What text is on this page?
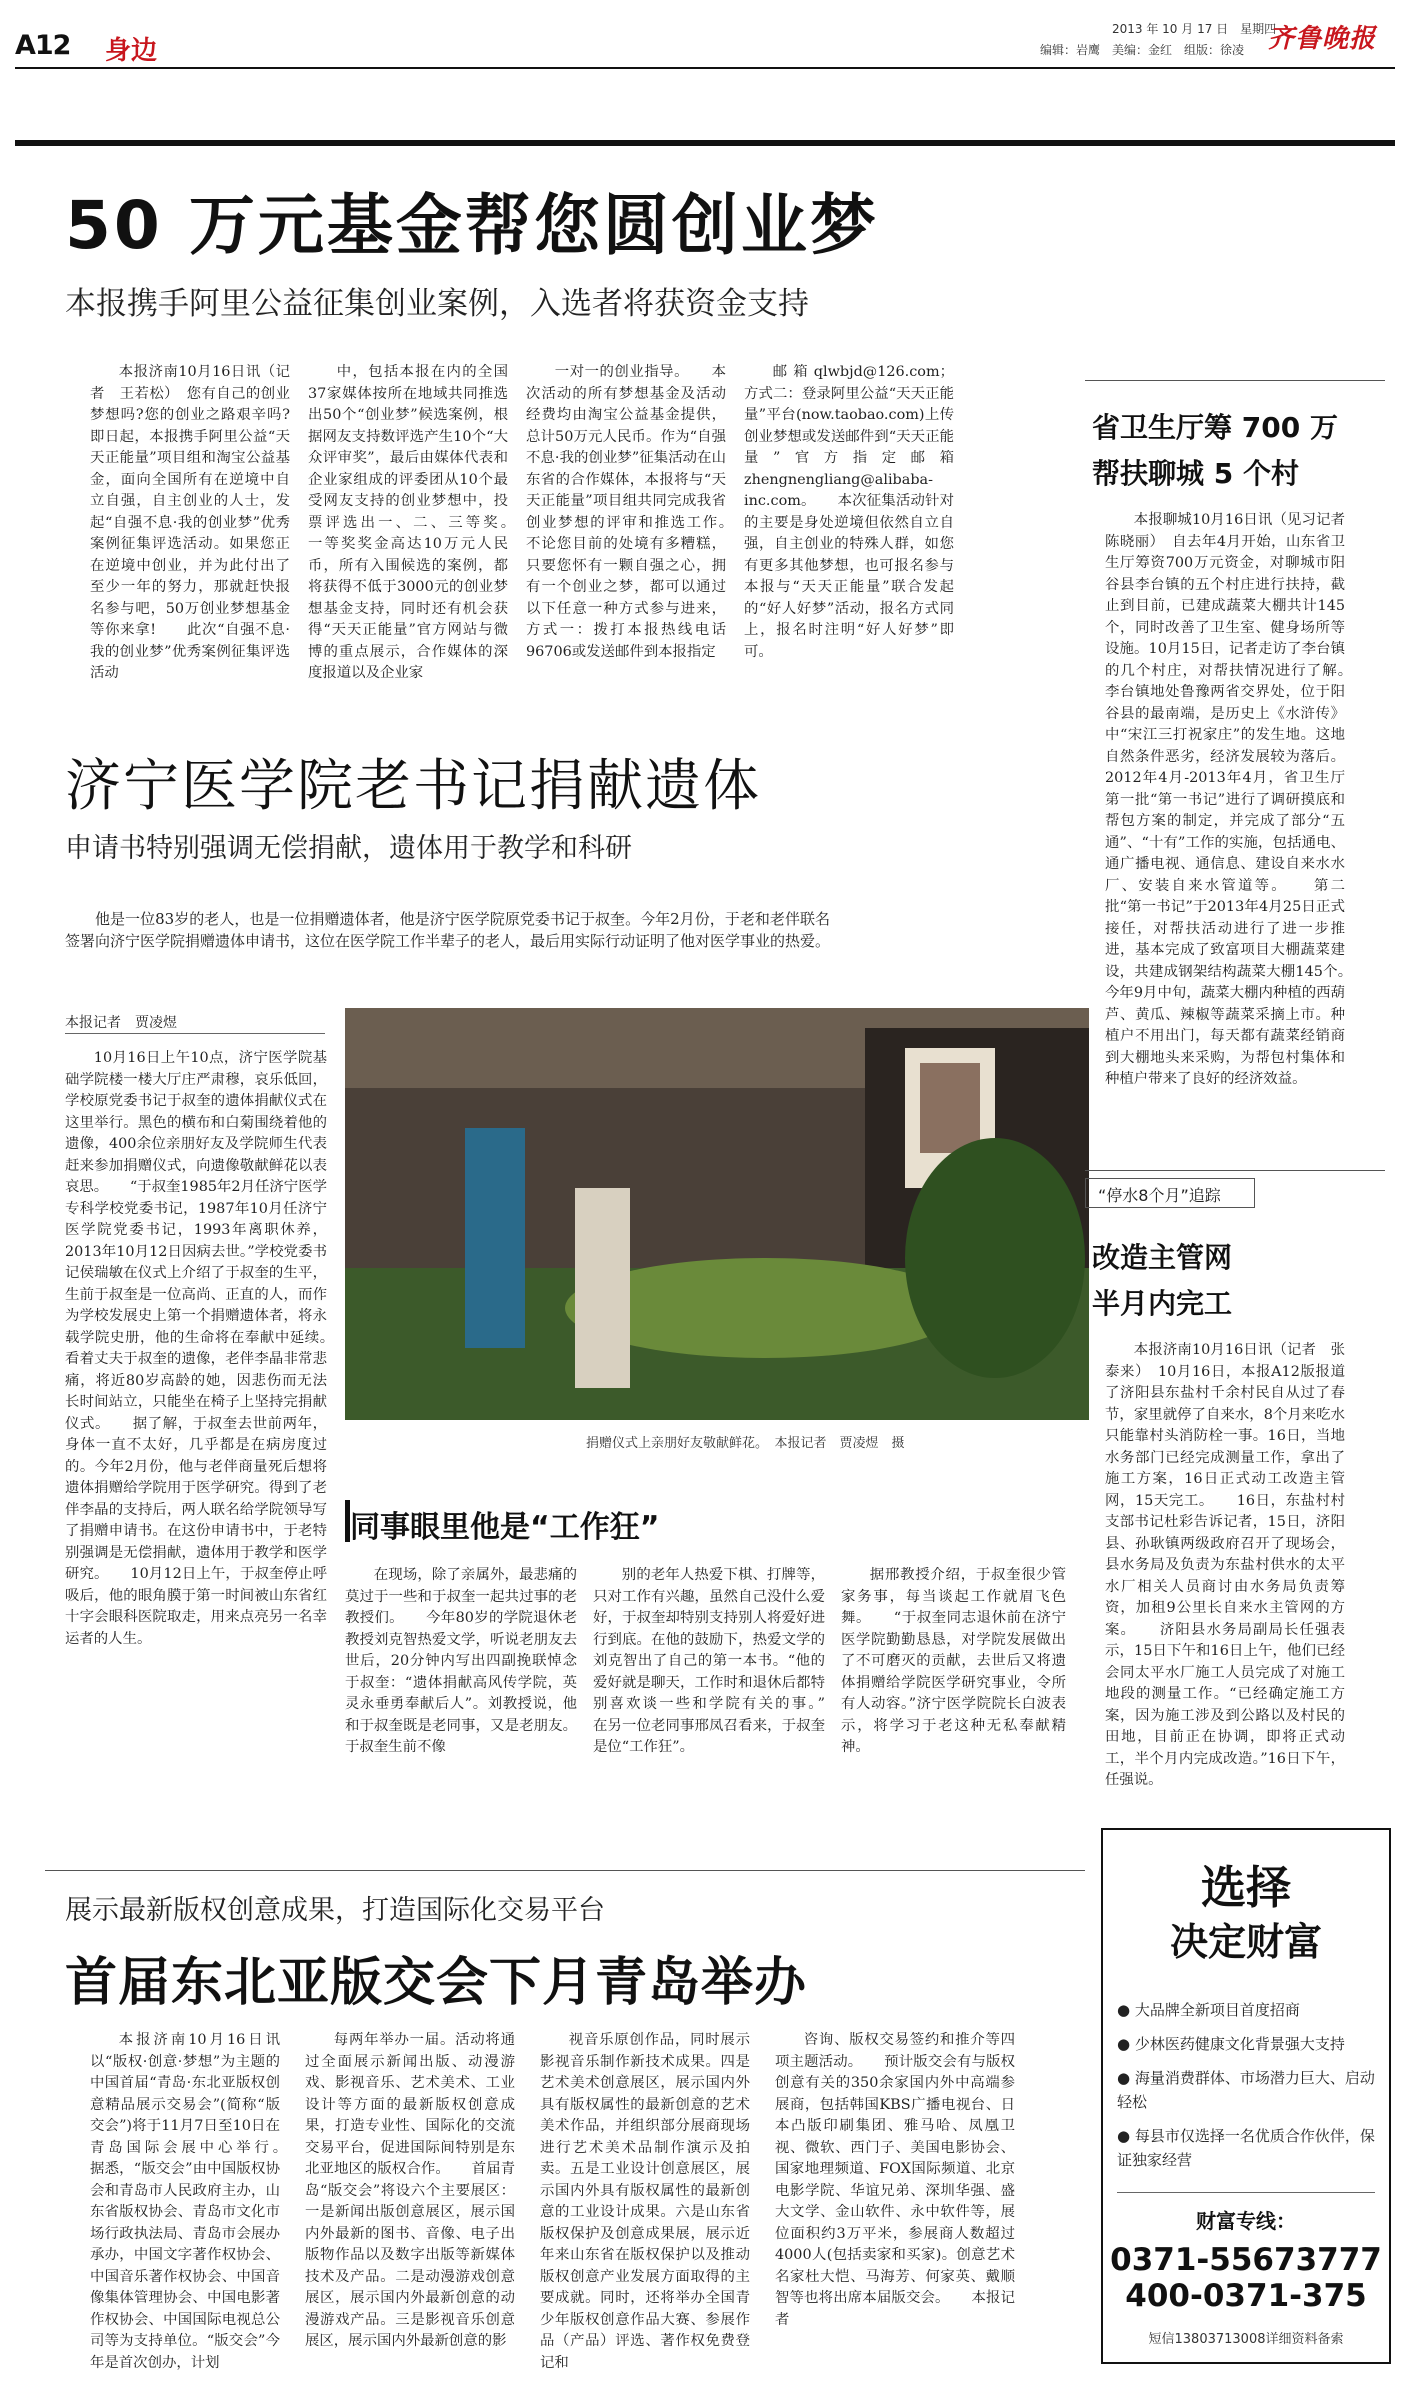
A12 身边
2013 年 10 月 17 日　星期四
编辑：岩鹰　美编：金红　组版：徐凌 齐鲁晚报
50 万元基金帮您圆创业梦
本报携手阿里公益征集创业案例，入选者将获资金支持

本报济南10月16日讯（记者　王若松）　您有自己的创业梦想吗?您的创业之路艰辛吗?即日起，本报携手阿里公益“天天正能量”项目组和淘宝公益基金，面向全国所有在逆境中自立自强，自主创业的人士，发起“自强不息·我的创业梦”优秀案例征集评选活动。如果您正在逆境中创业，并为此付出了至少一年的努力，那就赶快报名参与吧，50万创业梦想基金等你来拿!　　此次“自强不息·我的创业梦”优秀案例征集评选活动

中，包括本报在内的全国37家媒体按所在地域共同推选出50个“创业梦”候选案例，根据网友支持数评选产生10个“大众评审奖”，最后由媒体代表和企业家组成的评委团从10个最受网友支持的创业梦想中，投票评选出一、二、三等奖。　　一等奖奖金高达10万元人民币，所有入围候选的案例，都将获得不低于3000元的创业梦想基金支持，同时还有机会获得“天天正能量”官方网站与微博的重点展示，合作媒体的深度报道以及企业家

一对一的创业指导。　　本次活动的所有梦想基金及活动经费均由淘宝公益基金提供，总计50万元人民币。作为“自强不息·我的创业梦”征集活动在山东省的合作媒体，本报将与“天天正能量”项目组共同完成我省创业梦想的评审和推选工作。　　不论您目前的处境有多糟糕，只要您怀有一颗自强之心，拥有一个创业之梦，都可以通过以下任意一种方式参与进来，方式一：拨打本报热线电话96706或发送邮件到本报指定

邮箱qlwbjd@126.com；方式二：登录阿里公益“天天正能量”平台(now.taobao.com)上传创业梦想或发送邮件到“天天正能量”官方指定邮箱zhengnengliang@alibaba-inc.com。　　本次征集活动针对的主要是身处逆境但依然自立自强，自主创业的特殊人群，如您有更多其他梦想，也可报名参与本报与“天天正能量”联合发起的“好人好梦”活动，报名方式同上，报名时注明“好人好梦”即可。

省卫生厅筹 700 万
帮扶聊城 5 个村

本报聊城10月16日讯（见习记者　陈晓丽）　自去年4月开始，山东省卫生厅筹资700万元资金，对聊城市阳谷县李台镇的五个村庄进行扶持，截止到目前，已建成蔬菜大棚共计145个，同时改善了卫生室、健身场所等设施。10月15日，记者走访了李台镇的几个村庄，对帮扶情况进行了解。　　李台镇地处鲁豫两省交界处，位于阳谷县的最南端，是历史上《水浒传》中“宋江三打祝家庄”的发生地。这地自然条件恶劣，经济发展较为落后。2012年4月-2013年4月，省卫生厅第一批“第一书记”进行了调研摸底和帮包方案的制定，并完成了部分“五通”、“十有”工作的实施，包括通电、通广播电视、通信息、建设自来水水厂、安装自来水管道等。　　第二批“第一书记”于2013年4月25日正式接任，对帮扶活动进行了进一步推进，基本完成了致富项目大棚蔬菜建设，共建成钢架结构蔬菜大棚145个。　　今年9月中旬，蔬菜大棚内种植的西葫芦、黄瓜、辣椒等蔬菜采摘上市。种植户不用出门，每天都有蔬菜经销商到大棚地头来采购，为帮包村集体和种植户带来了良好的经济效益。

济宁医学院老书记捐献遗体
申请书特别强调无偿捐献，遗体用于教学和科研

他是一位83岁的老人，也是一位捐赠遗体者，他是济宁医学院原党委书记于叔奎。今年2月份，于老和老伴联名签署向济宁医学院捐赠遗体申请书，这位在医学院工作半辈子的老人，最后用实际行动证明了他对医学事业的热爱。

本报记者　贾凌煜

10月16日上午10点，济宁医学院基础学院楼一楼大厅庄严肃穆，哀乐低回，学校原党委书记于叔奎的遗体捐献仪式在这里举行。黑色的横布和白菊围绕着他的遗像，400余位亲朋好友及学院师生代表赶来参加捐赠仪式，向遗像敬献鲜花以表哀思。　　“于叔奎1985年2月任济宁医学专科学校党委书记，1987年10月任济宁医学院党委书记，1993年离职休养，2013年10月12日因病去世。”学校党委书记侯瑞敏在仪式上介绍了于叔奎的生平，生前于叔奎是一位高尚、正直的人，而作为学校发展史上第一个捐赠遗体者，将永载学院史册，他的生命将在奉献中延续。　　看着丈夫于叔奎的遗像，老伴李晶非常悲痛，将近80岁高龄的她，因悲伤而无法长时间站立，只能坐在椅子上坚持完捐献仪式。　　据了解，于叔奎去世前两年，身体一直不太好，几乎都是在病房度过的。今年2月份，他与老伴商量死后想将遗体捐赠给学院用于医学研究。得到了老伴李晶的支持后，两人联名给学院领导写了捐赠申请书。在这份申请书中，于老特别强调是无偿捐献，遗体用于教学和医学研究。　　10月12日上午，于叔奎停止呼吸后，他的眼角膜于第一时间被山东省红十字会眼科医院取走，用来点亮另一名幸运者的人生。

捐赠仪式上亲朋好友敬献鲜花。　本报记者　贾凌煜　摄
同事眼里他是“工作狂”

在现场，除了亲属外，最悲痛的莫过于一些和于叔奎一起共过事的老教授们。　　今年80岁的学院退休老教授刘克智热爱文学，听说老朋友去世后，20分钟内写出四副挽联悼念于叔奎：“遗体捐献高风传学院，英灵永垂勇奉献后人”。刘教授说，他和于叔奎既是老同事，又是老朋友。于叔奎生前不像

别的老年人热爱下棋、打牌等，只对工作有兴趣，虽然自己没什么爱好，于叔奎却特别支持别人将爱好进行到底。在他的鼓励下，热爱文学的刘克智出了自己的第一本书。“他的爱好就是聊天，工作时和退休后都特别喜欢谈一些和学院有关的事。”　　在另一位老同事邢凤召看来，于叔奎是位“工作狂”。

据邢教授介绍，于叔奎很少管家务事，每当谈起工作就眉飞色舞。　　“于叔奎同志退休前在济宁医学院勤勤恳恳，对学院发展做出了不可磨灭的贡献，去世后又将遗体捐赠给学院医学研究事业，令所有人动容。”济宁医学院院长白波表示，将学习于老这种无私奉献精神。

“停水8个月”追踪
改造主管网
半月内完工

本报济南10月16日讯（记者　张泰来）　10月16日，本报A12版报道了济阳县东盐村千余村民自从过了春节，家里就停了自来水，8个月来吃水只能靠村头消防栓一事。16日，当地水务部门已经完成测量工作，拿出了施工方案，16日正式动工改造主管网，15天完工。　　16日，东盐村村支部书记杜彩告诉记者，15日，济阳县、孙耿镇两级政府召开了现场会，县水务局及负责为东盐村供水的太平水厂相关人员商讨由水务局负责筹资，加租9公里长自来水主管网的方案。　　济阳县水务局副局长任强表示，15日下午和16日上午，他们已经会同太平水厂施工人员完成了对施工地段的测量工作。“已经确定施工方案，因为施工涉及到公路以及村民的田地，目前正在协调，即将正式动工，半个月内完成改造。”16日下午，任强说。

展示最新版权创意成果，打造国际化交易平台
首届东北亚版交会下月青岛举办

本报济南10月16日讯　以“版权·创意·梦想”为主题的中国首届“青岛·东北亚版权创意精品展示交易会”(简称“版交会”)将于11月7日至10日在青岛国际会展中心举行。　　据悉，“版交会”由中国版权协会和青岛市人民政府主办，山东省版权协会、青岛市文化市场行政执法局、青岛市会展办承办，中国文字著作权协会、中国音乐著作权协会、中国音像集体管理协会、中国电影著作权协会、中国国际电视总公司等为支持单位。“版交会”今年是首次创办，计划

每两年举办一届。活动将通过全面展示新闻出版、动漫游戏、影视音乐、艺术美术、工业设计等方面的最新版权创意成果，打造专业性、国际化的交流交易平台，促进国际间特别是东北亚地区的版权合作。　　首届青岛“版交会”将设六个主要展区：一是新闻出版创意展区，展示国内外最新的图书、音像、电子出版物作品以及数字出版等新媒体技术及产品。二是动漫游戏创意展区，展示国内外最新创意的动漫游戏产品。三是影视音乐创意展区，展示国内外最新创意的影

视音乐原创作品，同时展示影视音乐制作新技术成果。四是艺术美术创意展区，展示国内外具有版权属性的最新创意的艺术美术作品，并组织部分展商现场进行艺术美术品制作演示及拍卖。五是工业设计创意展区，展示国内外具有版权属性的最新创意的工业设计成果。六是山东省版权保护及创意成果展，展示近年来山东省在版权保护以及推动版权创意产业发展方面取得的主要成就。同时，还将举办全国青少年版权创意作品大赛、参展作品（产品）评选、著作权免费登记和

咨询、版权交易签约和推介等四项主题活动。　　预计版交会有与版权创意有关的350余家国内外中高端参展商，包括韩国KBS广播电视台、日本凸版印刷集团、雅马哈、凤凰卫视、微软、西门子、美国电影协会、国家地理频道、FOX国际频道、北京电影学院、华谊兄弟、深圳华强、盛大文学、金山软件、永中软件等，展位面积约3万平米，参展商人数超过4000人(包括卖家和买家)。创意艺术名家杜大恺、马海芳、何家英、戴顺智等也将出席本届版交会。　　本报记者

选择
决定财富
● 大品牌全新项目首度招商
● 少林医药健康文化背景强大支持
● 海量消费群体、市场潜力巨大、启动轻松
● 每县市仅选择一名优质合作伙伴，保证独家经营
财富专线：
0371-55673777
400-0371-375
短信13803713008详细资料备索
